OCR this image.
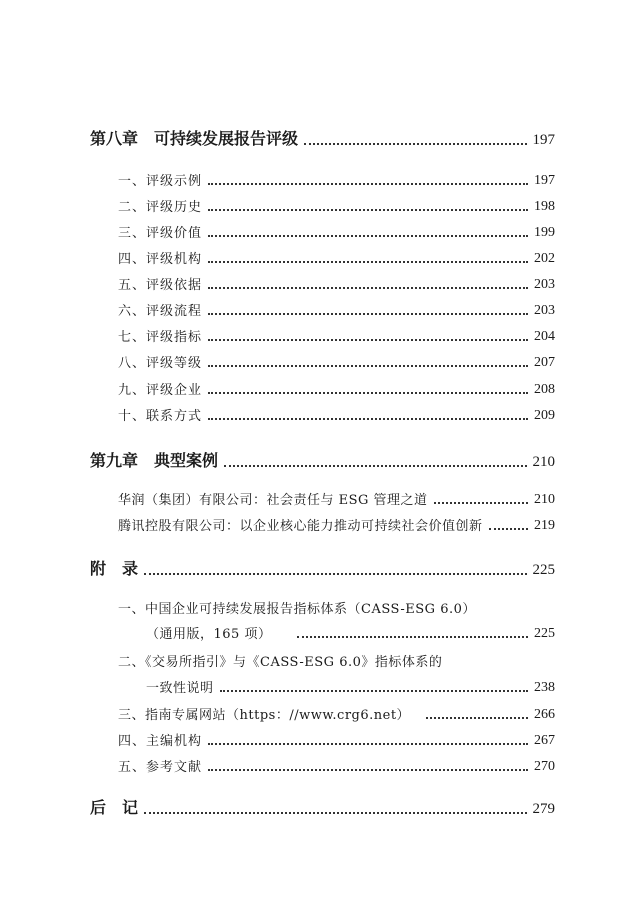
第八章　可持续发展报告评级	197
一、评级示例	197
二、评级历史	198
三、评级价值	199
四、评级机构	202
五、评级依据	203
六、评级流程	203
七、评级指标	204
八、评级等级	207
九、评级企业	208
十、联系方式	209
第九章　典型案例	210
华润（集团）有限公司：社会责任与 ESG 管理之道	210
腾讯控股有限公司：以企业核心能力推动可持续社会价值创新	219
附　录	225
一、中国企业可持续发展报告指标体系（CASS-ESG 6.0）
（通用版，165 项）	225
二、《交易所指引》与《CASS-ESG 6.0》指标体系的
一致性说明	238
三、指南专属网站（https：//www.crg6.net）	266
四、主编机构	267
五、参考文献	270
后　记	279
